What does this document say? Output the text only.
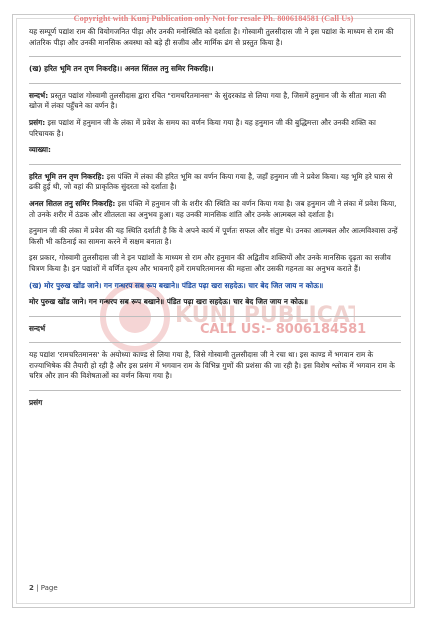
Copyright with Kunj Publication only Not for resale Ph. 8006184581 (Call Us)
KUNJ PUBLICA
CALL US:- 8006184581

यह सम्पूर्ण पद्यांश राम की वियोगजनित पीड़ा और उनकी मनोस्थिति को दर्शाता है। गोस्वामी तुलसीदास जी ने इस पद्यांश के माध्यम से राम की आंतरिक पीड़ा और उनकी मानसिक अवस्था को बड़े ही सजीव और मार्मिक ढंग से प्रस्तुत किया है।

(ख) हरित भूमि तन तृण निकरहि।। अनल सिंतल तनु समिर निकरहि।।

सन्दर्भ: प्रस्तुत पद्यांश गोस्वामी तुलसीदास द्वारा रचित "रामचरितमानस" के सुंदरकांड से लिया गया है, जिसमें हनुमान जी के सीता माता की खोज में लंका पहुँचने का वर्णन है।

प्रसंग: इस पद्यांश में हनुमान जी के लंका में प्रवेश के समय का वर्णन किया गया है। यह हनुमान जी की बुद्धिमत्ता और उनकी शक्ति का परिचायक है।

व्याख्या:

हरित भूमि तन तृण निकरहि: इस पंक्ति में लंका की हरित भूमि का वर्णन किया गया है, जहाँ हनुमान जी ने प्रवेश किया। यह भूमि हरे घास से ढकी हुई थी, जो वहां की प्राकृतिक सुंदरता को दर्शाता है।

अनल सितल तनु समिर निकरहि: इस पंक्ति में हनुमान जी के शरीर की स्थिति का वर्णन किया गया है। जब हनुमान जी ने लंका में प्रवेश किया, तो उनके शरीर में ठंडक और शीतलता का अनुभव हुआ। यह उनकी मानसिक शांति और उनके आत्मबल को दर्शाता है।

हनुमान जी की लंका में प्रवेश की यह स्थिति दर्शाती है कि वे अपने कार्य में पूर्णतः सफल और संतुष्ट थे। उनका आत्मबल और आत्मविश्वास उन्हें किसी भी कठिनाई का सामना करने में सक्षम बनाता है।

इस प्रकार, गोस्वामी तुलसीदास जी ने इन पद्यांशों के माध्यम से राम और हनुमान की अद्वितीय शक्तियों और उनके मानसिक दृढ़ता का सजीव चित्रण किया है। इन पद्यांशों में वर्णित दृश्य और भावनाएँ हमें रामचरितमानस की महत्ता और उसकी गहनता का अनुभव कराते हैं।

(ख) मोर पुरुख खोंड जाने। गन गन्धरप सब रूप बखाने॥ पंडित पढ़ा खरा सहदेऊ। चार बेद जित जाय न कोऊ॥

मोर पुरुख खोंड जाने। गन गन्धरप सब रूप बखाने॥ पंडित पढ़ा खरा सहदेऊ। चार बेद जित जाय न कोऊ॥

सन्दर्भ

यह पद्यांश 'रामचरितमानस' के अयोध्या काण्ड से लिया गया है, जिसे गोस्वामी तुलसीदास जी ने रचा था। इस काण्ड में भगवान राम के राज्याभिषेक की तैयारी हो रही है और इस प्रसंग में भगवान राम के विभिन्न गुणों की प्रशंसा की जा रही है। इस विशेष श्लोक में भगवान राम के चरित्र और ज्ञान की विशेषताओं का वर्णन किया गया है।

प्रसंग

2 | Page
